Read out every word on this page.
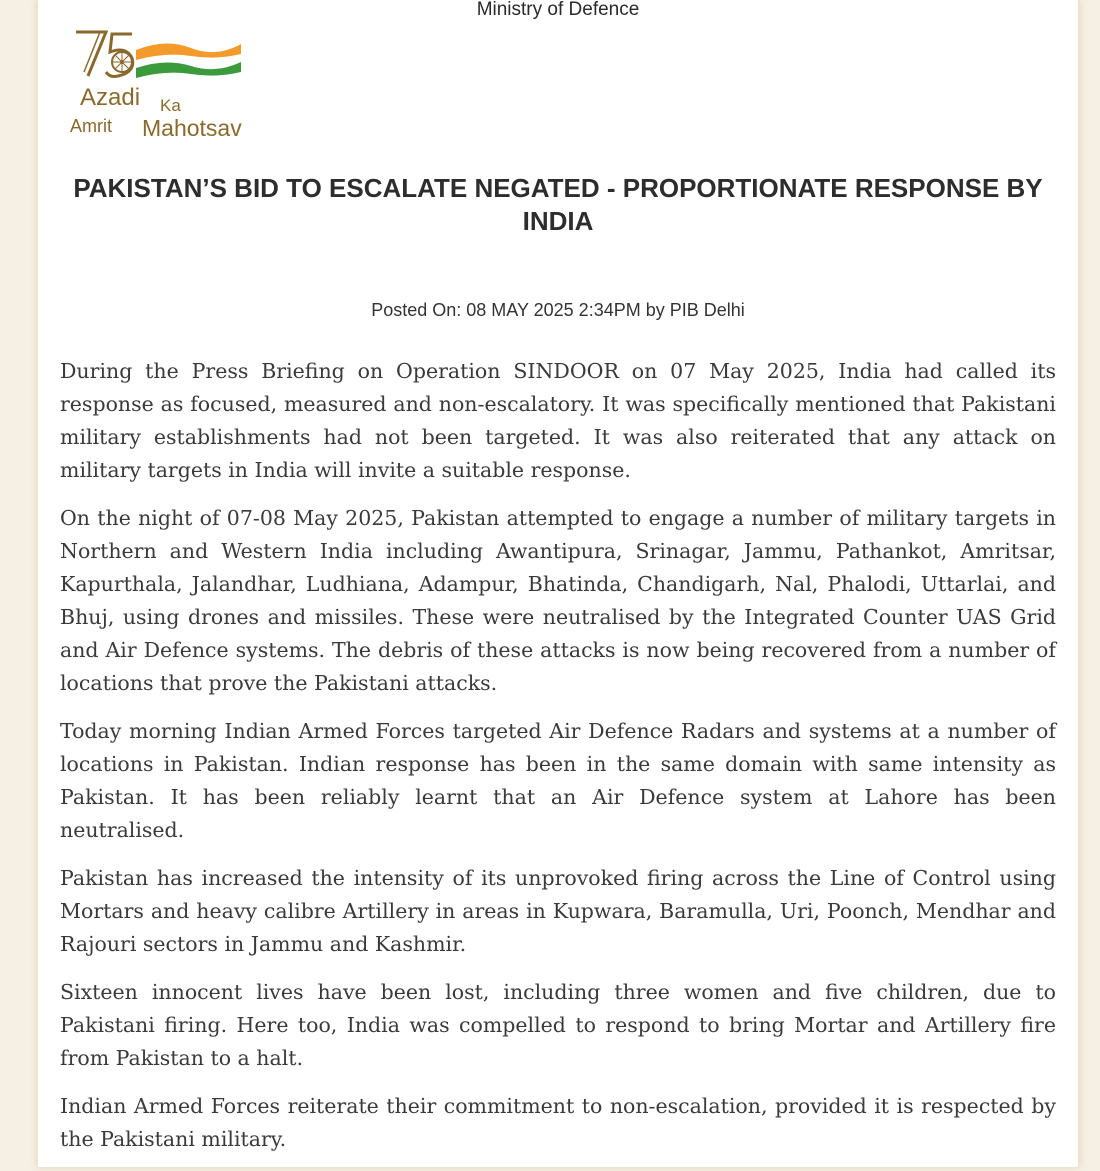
Ministry of Defence
Azadi Ka
Amrit Mahotsav
PAKISTAN’S BID TO ESCALATE NEGATED - PROPORTIONATE RESPONSE BY INDIA
Posted On: 08 MAY 2025 2:34PM by PIB Delhi

During the Press Briefing on Operation SINDOOR on 07 May 2025, India had called its response as focused, measured and non-escalatory. It was specifically mentioned that Pakistani military establishments had not been targeted. It was also reiterated that any attack on military targets in India will invite a suitable response.

On the night of 07-08 May 2025, Pakistan attempted to engage a number of military targets in Northern and Western India including Awantipura, Srinagar, Jammu, Pathankot, Amritsar, Kapurthala, Jalandhar, Ludhiana, Adampur, Bhatinda, Chandigarh, Nal, Phalodi, Uttarlai, and Bhuj, using drones and missiles. These were neutralised by the Integrated Counter UAS Grid and Air Defence systems. The debris of these attacks is now being recovered from a number of locations that prove the Pakistani attacks.

Today morning Indian Armed Forces targeted Air Defence Radars and systems at a number of locations in Pakistan. Indian response has been in the same domain with same intensity as Pakistan. It has been reliably learnt that an Air Defence system at Lahore has been neutralised.

Pakistan has increased the intensity of its unprovoked firing across the Line of Control using Mortars and heavy calibre Artillery in areas in Kupwara, Baramulla, Uri, Poonch, Mendhar and Rajouri sectors in Jammu and Kashmir.

Sixteen innocent lives have been lost, including three women and five children, due to Pakistani firing. Here too, India was compelled to respond to bring Mortar and Artillery fire from Pakistan to a halt.

Indian Armed Forces reiterate their commitment to non-escalation, provided it is respected by the Pakistani military.
